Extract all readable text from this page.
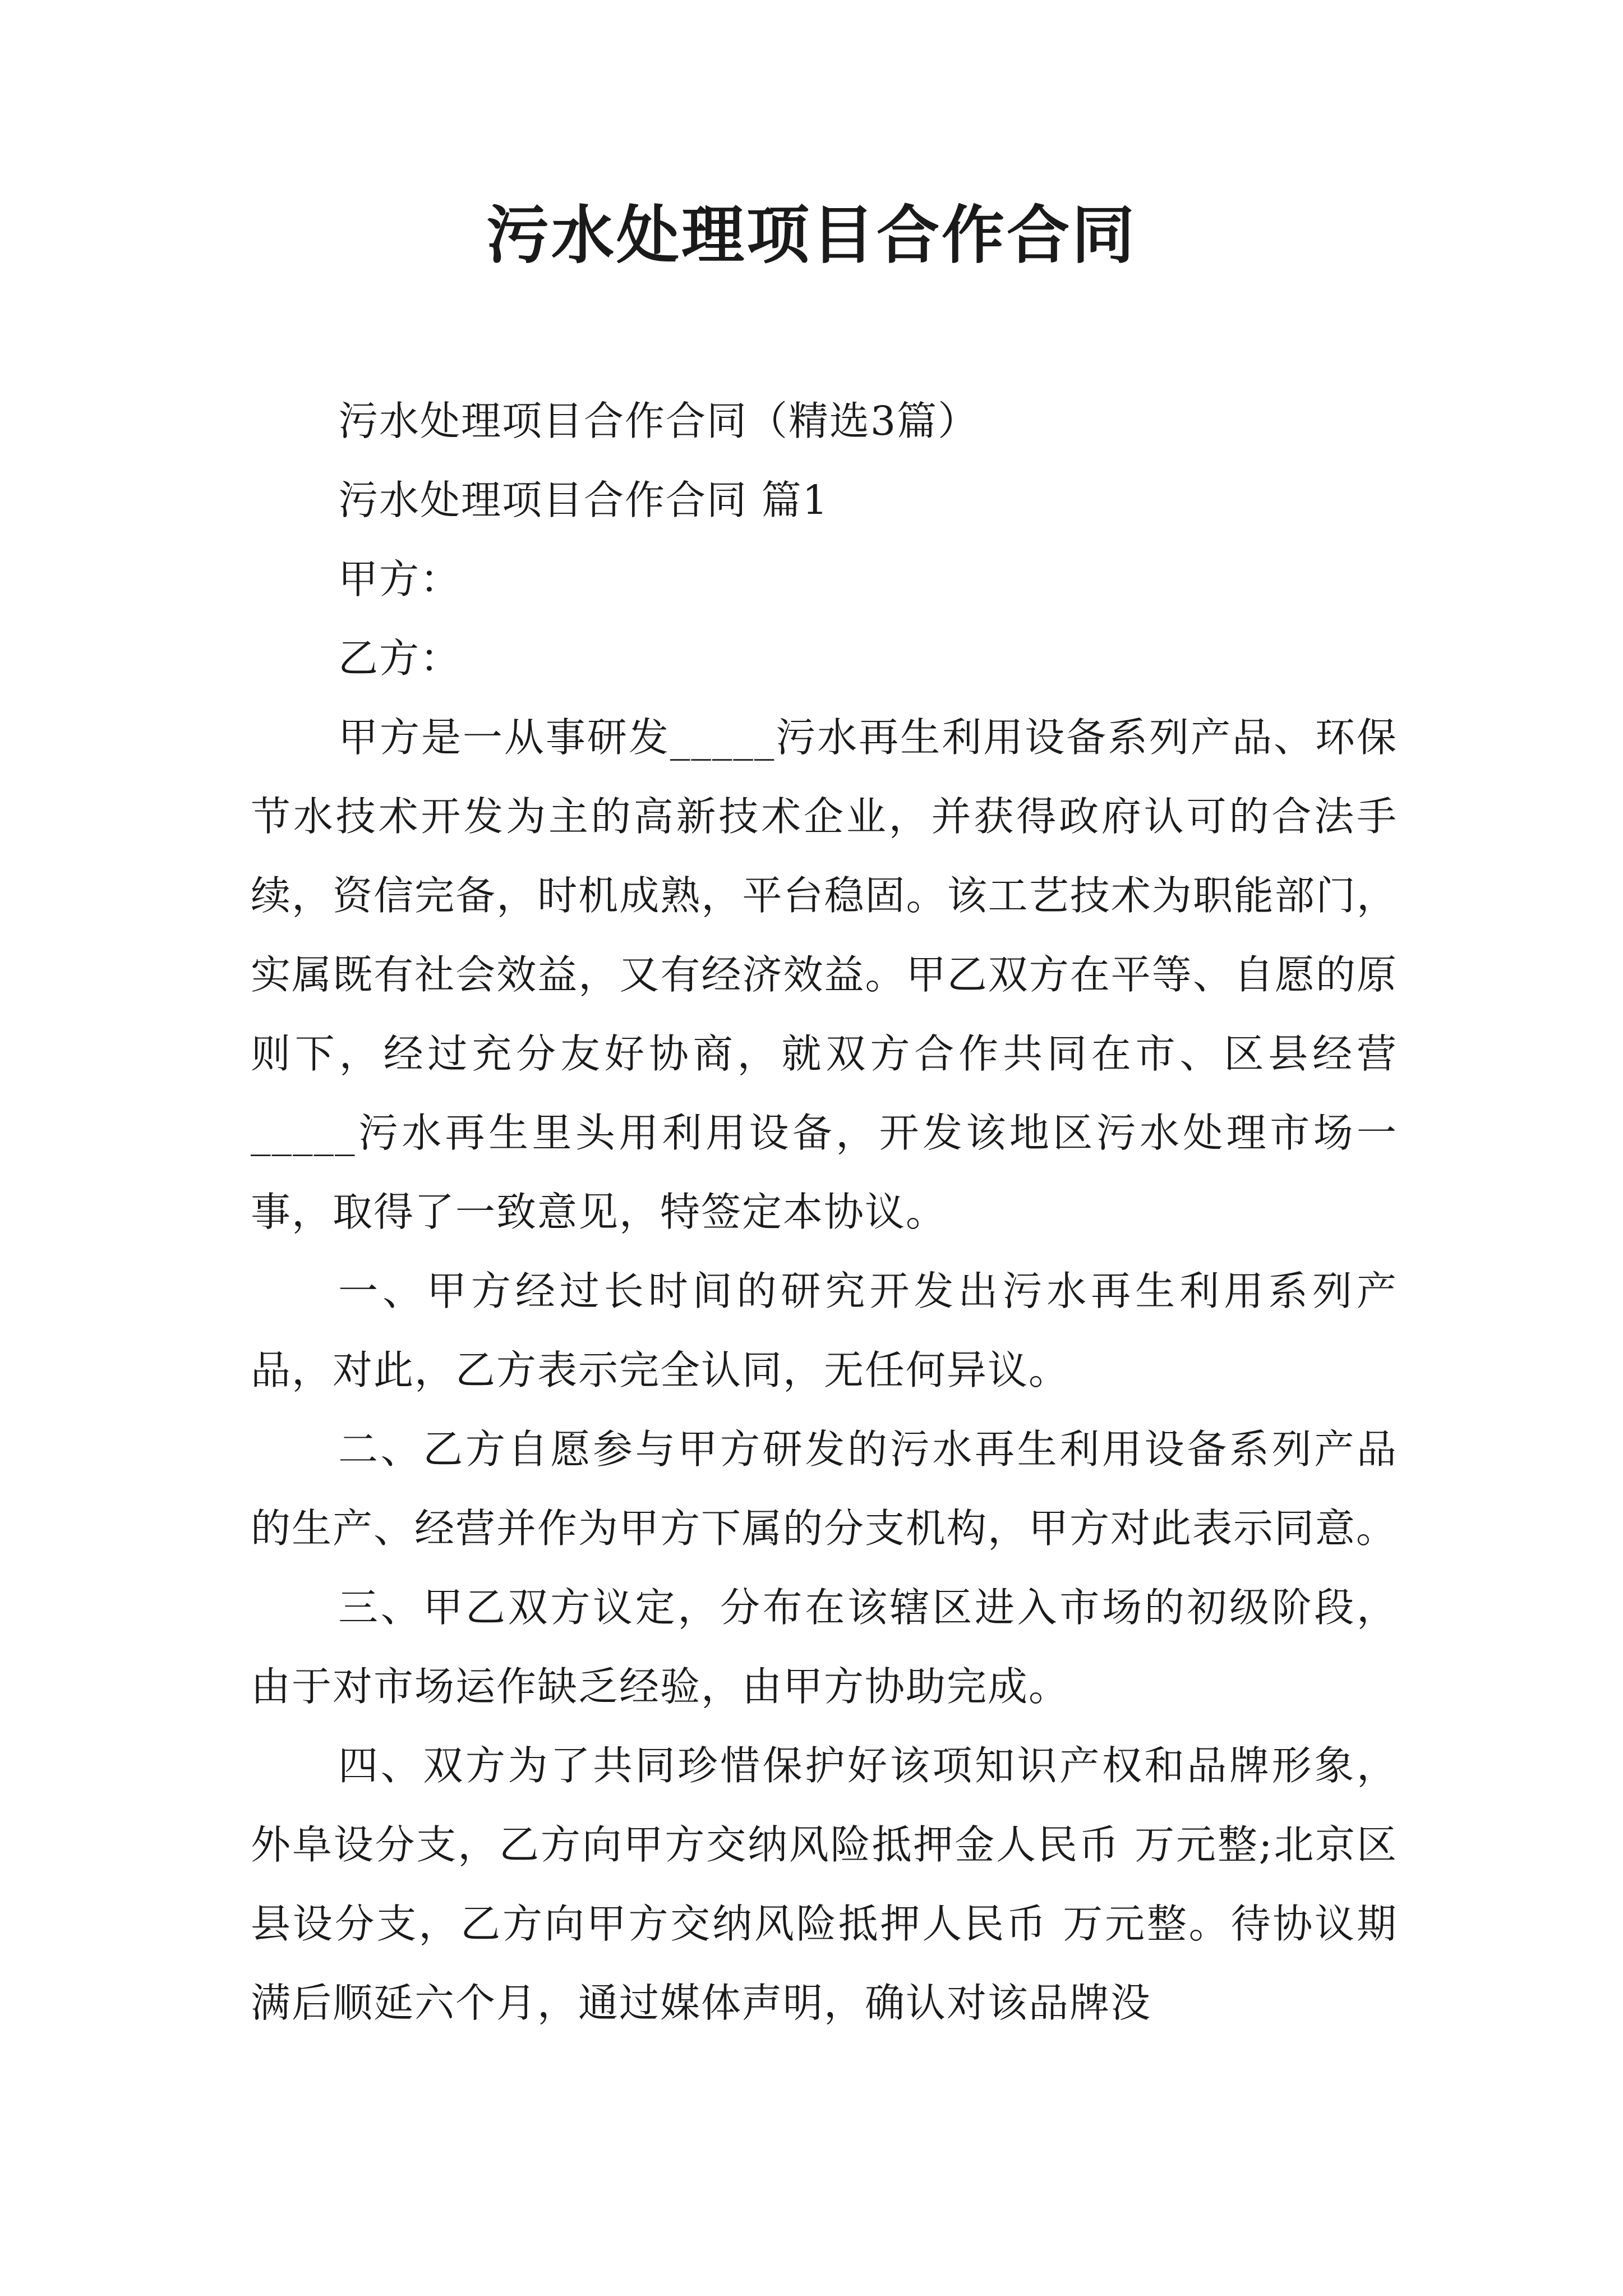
污水处理项目合作合同

污水处理项目合作合同（精选3篇）

污水处理项目合作合同 篇1

甲方：

乙方：

甲方是一从事研发_____污水再生利用设备系列产品、环保节水技术开发为主的高新技术企业，并获得政府认可的合法手续，资信完备，时机成熟，平台稳固。该工艺技术为职能部门，实属既有社会效益，又有经济效益。甲乙双方在平等、自愿的原则下，经过充分友好协商，就双方合作共同在市、区县经营_____污水再生里头用利用设备，开发该地区污水处理市场一事，取得了一致意见，特签定本协议。

一、甲方经过长时间的研究开发出污水再生利用系列产品，对此，乙方表示完全认同，无任何异议。

二、乙方自愿参与甲方研发的污水再生利用设备系列产品的生产、经营并作为甲方下属的分支机构，甲方对此表示同意。

三、甲乙双方议定，分布在该辖区进入市场的初级阶段，由于对市场运作缺乏经验，由甲方协助完成。

四、双方为了共同珍惜保护好该项知识产权和品牌形象，外阜设分支，乙方向甲方交纳风险抵押金人民币 万元整;北京区县设分支，乙方向甲方交纳风险抵押人民币 万元整。待协议期满后顺延六个月，通过媒体声明，确认对该品牌没
